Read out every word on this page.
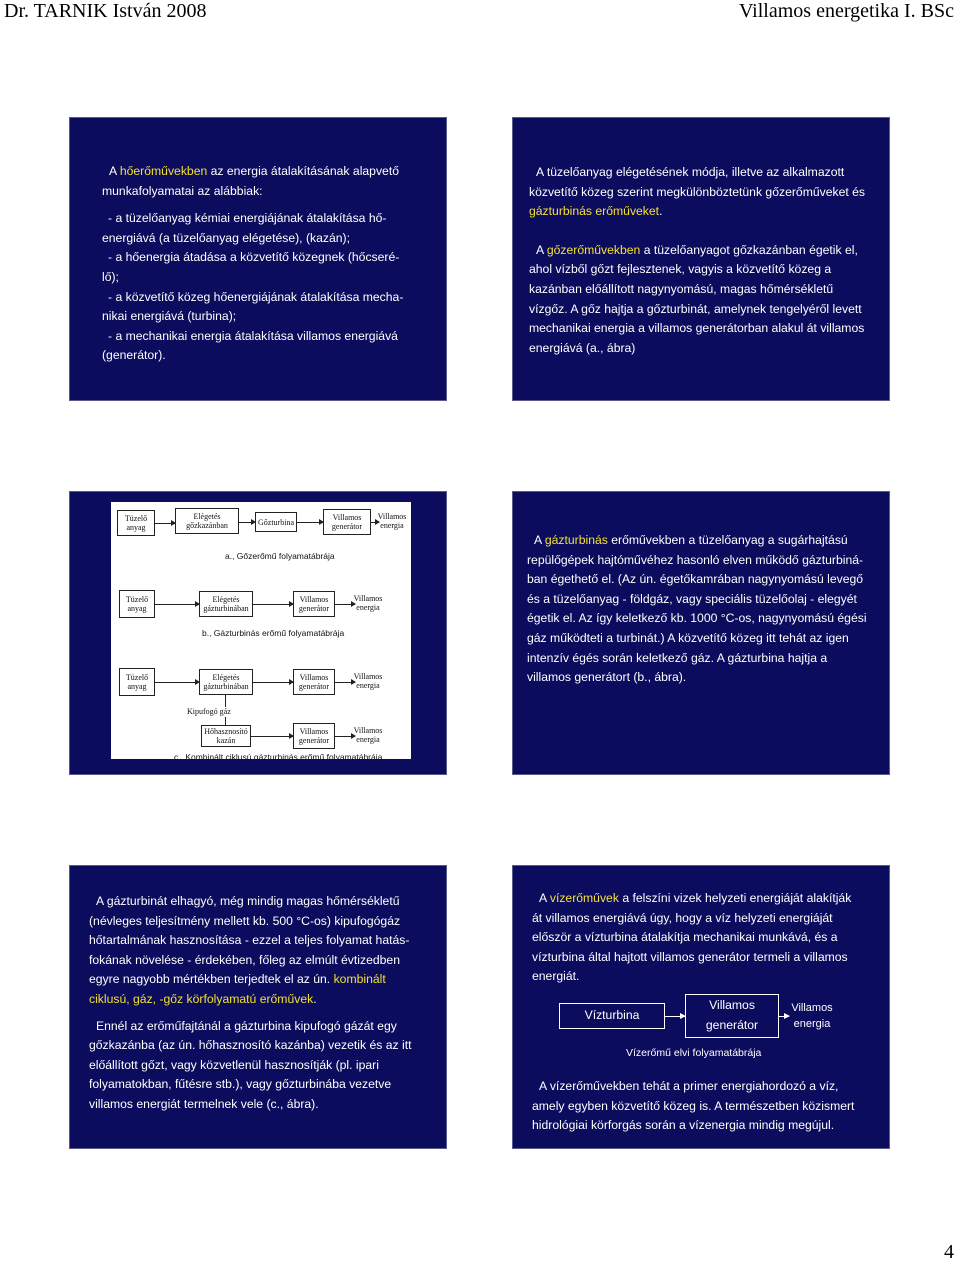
Dr. TARNIK István 2008	Villamos energetika I. BSc

A hőerőművekben az energia átalakításának alapvető

munkafolyamatai az alábbiak:

- a tüzelőanyag kémiai energiájának átalakítása hő-

energiává (a tüzelőanyag elégetése), (kazán);

- a hőenergia átadása a közvetítő közegnek (hőcseré-

lő);

- a közvetítő közeg hőenergiájának átalakítása mecha-

nikai energiává (turbina);

- a mechanikai energia átalakítása villamos energiává

(generátor).

A tüzelőanyag elégetésének módja, illetve az alkalmazott

közvetítő közeg szerint megkülönböztetünk gőzerőműveket és

gázturbinás erőműveket.

A gőzerőművekben a tüzelőanyagot gőzkazánban égetik el,

ahol vízből gőzt fejlesztenek, vagyis a közvetítő közeg a

kazánban előállított nagynyomású, magas hőmérsékletű

vízgőz. A gőz hajtja a gőzturbinát, amelynek tengelyéről levett

mechanikai energia a villamos generátorban alakul át villamos

energiává (a., ábra)

Tüzelő
anyag
Elégetés
gőzkazánban	Gőzturbina	Villamos
generátor
Villamos
energia
a., Gőzerőmű folyamatábrája
Tüzelő
anyag
Elégetés
gázturbinában
Villamos
generátor
Villamos
energia
b., Gázturbinás erőmű folyamatábrája
Tüzelő
anyag
Elégetés
gázturbinában
Villamos
generátor
Villamos
energia
Kipufogó gáz
Hőhasznosító
kazán
Villamos
generátor
Villamos
energia
c., Kombinált ciklusú gázturbinás erőmű folyamatábrája

A gázturbinás erőművekben a tüzelőanyag a sugárhajtású

repülőgépek hajtóművéhez hasonló elven működő gázturbiná-

ban égethető el. (Az ún. égetőkamrában nagynyomású levegő

és a tüzelőanyag - földgáz, vagy speciális tüzelőolaj - elegyét

égetik el. Az így keletkező kb. 1000 °C-os, nagynyomású égési

gáz működteti a turbinát.) A közvetítő közeg itt tehát az igen

intenzív égés során keletkező gáz. A gázturbina hajtja a

villamos generátort (b., ábra).

A gázturbinát elhagyó, még mindig magas hőmérsékletű

(névleges teljesítmény mellett kb. 500 °C-os) kipufogógáz

hőtartalmának hasznosítása - ezzel a teljes folyamat hatás-

fokának növelése - érdekében, főleg az elmúlt évtizedben

egyre nagyobb mértékben terjedtek el az ún. kombinált

ciklusú, gáz, -gőz körfolyamatú erőművek.

Ennél az erőműfajtánál a gázturbina kipufogó gázát egy

gőzkazánba (az ún. hőhasznosító kazánba) vezetik és az itt

előállított gőzt, vagy közvetlenül hasznosítják (pl. ipari

folyamatokban, fűtésre stb.), vagy gőzturbinába vezetve

villamos energiát termelnek vele (c., ábra).

A vízerőművek a felszíni vizek helyzeti energiáját alakítják

át villamos energiává úgy, hogy a víz helyzeti energiáját

először a vízturbina átalakítja mechanikai munkává, és a

vízturbina által hajtott villamos generátor termeli a villamos

energiát.

Vízturbina
Villamos
generátor
Villamos
energia
Vízerőmű elvi folyamatábrája

A vízerőművekben tehát a primer energiahordozó a víz,

amely egyben közvetítő közeg is. A természetben közismert

hidrológiai körforgás során a vízenergia mindig megújul.

4
